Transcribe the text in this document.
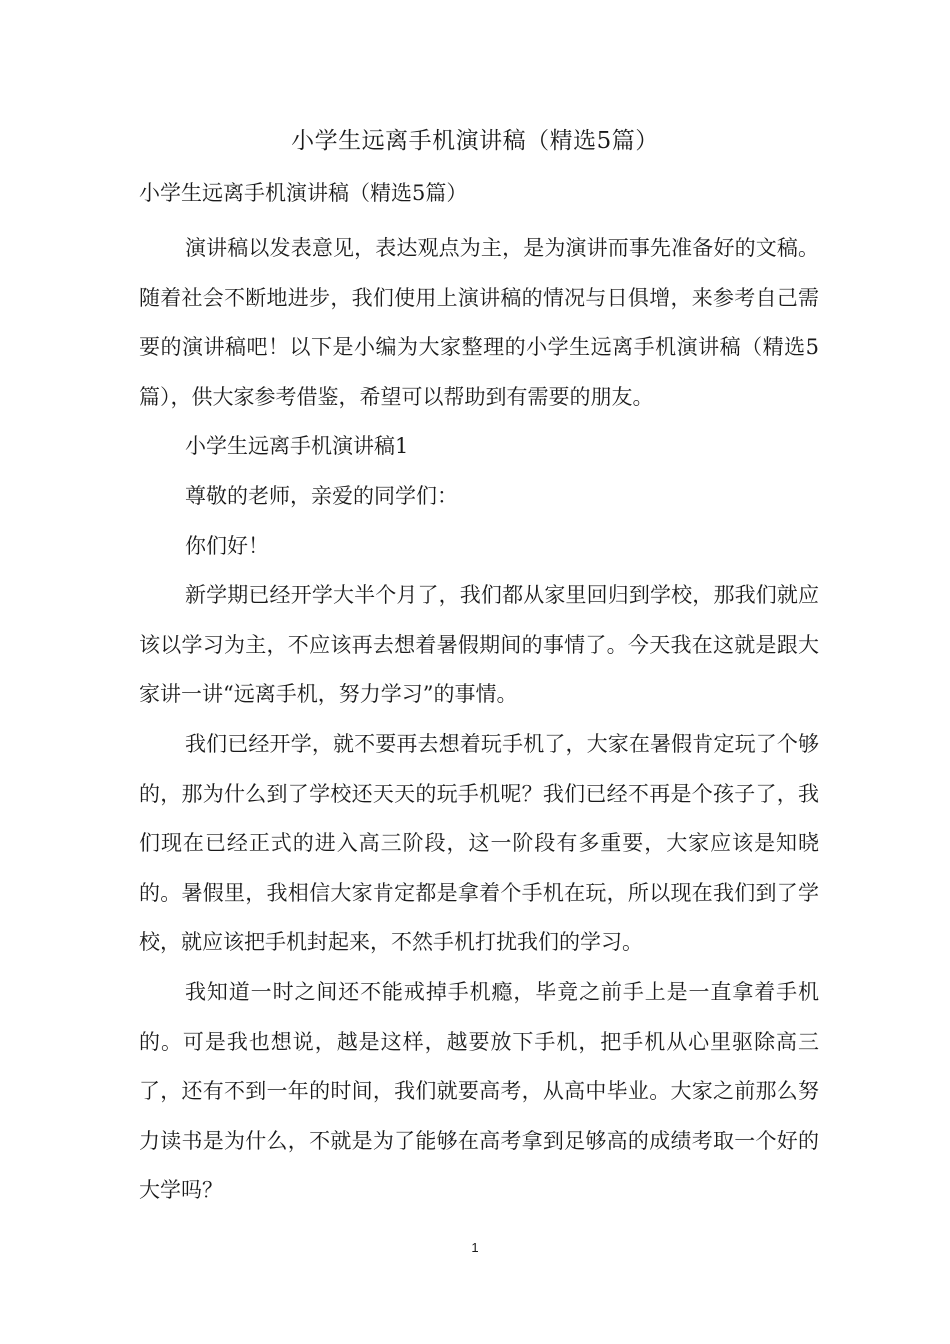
小学生远离手机演讲稿（精选5篇）
小学生远离手机演讲稿（精选5篇）

演讲稿以发表意见，表达观点为主，是为演讲而事先准备好的文稿。随着社会不断地进步，我们使用上演讲稿的情况与日俱增，来参考自己需要的演讲稿吧！以下是小编为大家整理的小学生远离手机演讲稿（精选5篇），供大家参考借鉴，希望可以帮助到有需要的朋友。

小学生远离手机演讲稿1

尊敬的老师，亲爱的同学们：

你们好！

新学期已经开学大半个月了，我们都从家里回归到学校，那我们就应该以学习为主，不应该再去想着暑假期间的事情了。今天我在这就是跟大家讲一讲“远离手机，努力学习”的事情。

我们已经开学，就不要再去想着玩手机了，大家在暑假肯定玩了个够的，那为什么到了学校还天天的玩手机呢？我们已经不再是个孩子了，我们现在已经正式的进入高三阶段，这一阶段有多重要，大家应该是知晓的。暑假里，我相信大家肯定都是拿着个手机在玩，所以现在我们到了学校，就应该把手机封起来，不然手机打扰我们的学习。

我知道一时之间还不能戒掉手机瘾，毕竟之前手上是一直拿着手机的。可是我也想说，越是这样，越要放下手机，把手机从心里驱除高三了，还有不到一年的时间，我们就要高考，从高中毕业。大家之前那么努力读书是为什么，不就是为了能够在高考拿到足够高的成绩考取一个好的大学吗？

1
